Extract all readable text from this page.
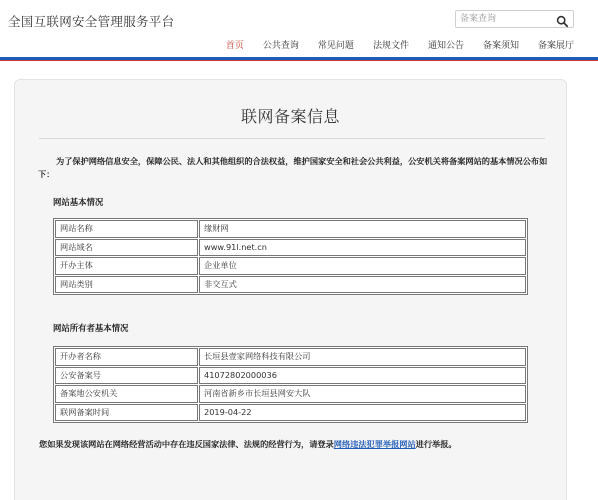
全国互联网安全管理服务平台
备案查询
首页 公共查询 常见问题 法规文件 通知公告 备案须知 备案展厅
联网备案信息
为了保护网络信息安全，保障公民、法人和其他组织的合法权益，维护国家安全和社会公共利益，公安机关将备案网站的基本情况公布如下：
网站基本情况
网站名称	缘财网
网站域名	www.91l.net.cn
开办主体	企业单位
网站类别	非交互式
网站所有者基本情况
开办者名称	长垣县壹家网络科技有限公司
公安备案号	41072802000036
备案地公安机关	河南省新乡市长垣县网安大队
联网备案时间	2019-04-22
您如果发现该网站在网络经营活动中存在违反国家法律、法规的经营行为，请登录网络违法犯罪举报网站进行举报。
